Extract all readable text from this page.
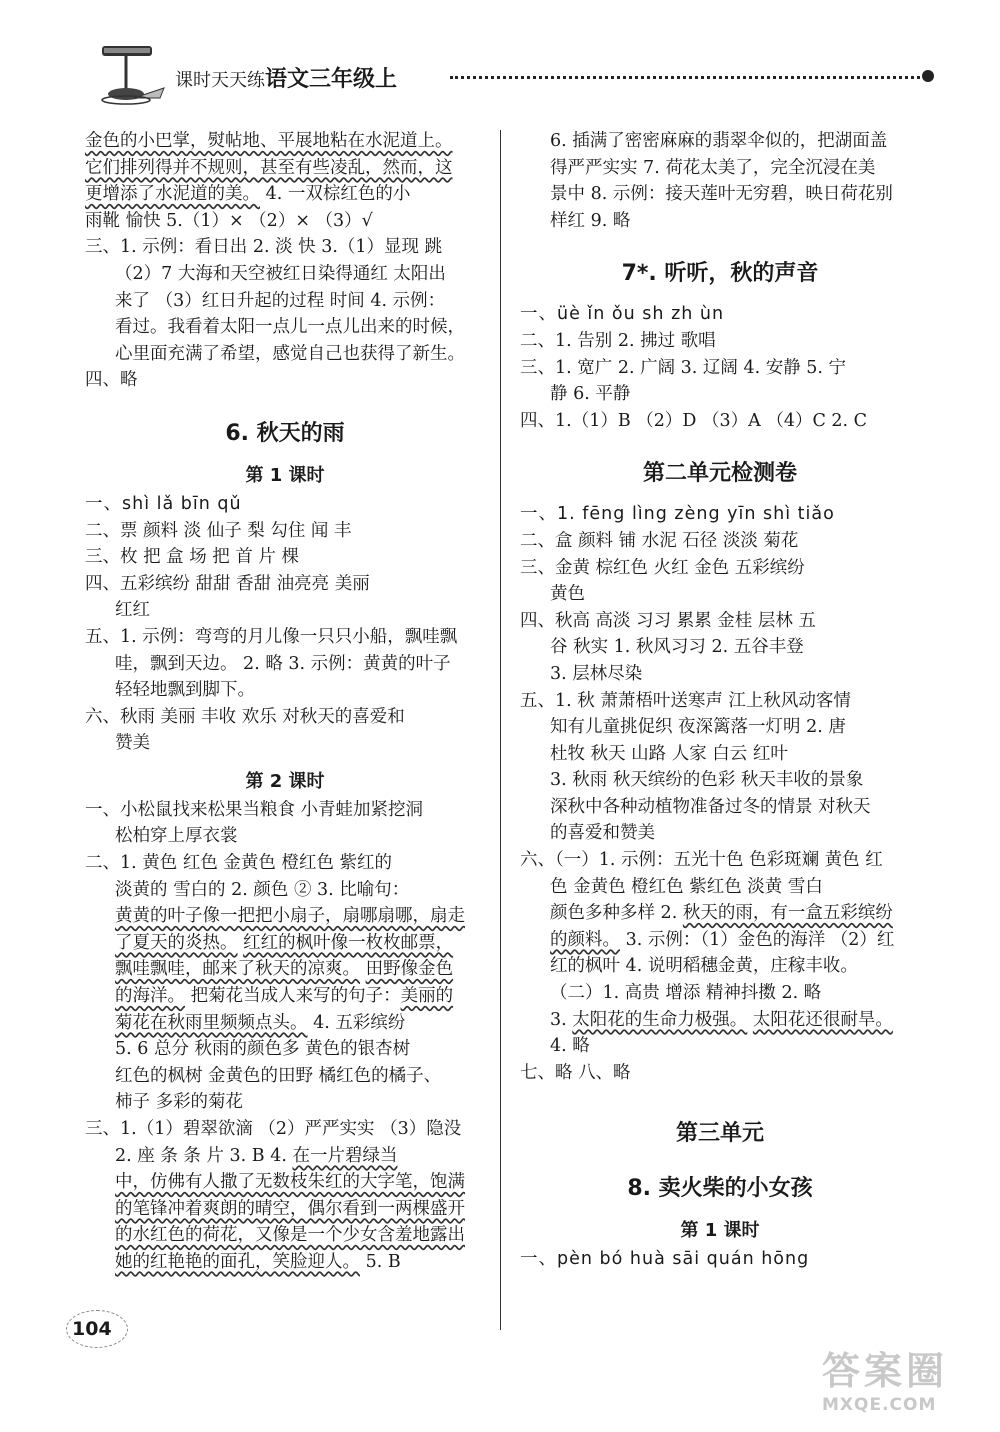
课时天天练语文三年级上
金色的小巴掌，熨帖地、平展地粘在水泥道上。
它们排列得并不规则，甚至有些凌乱，然而，这
更增添了水泥道的美。 4. 一双棕红色的小
雨靴 愉快 5.（1）× （2）× （3）√
三、1. 示例：看日出 2. 淡 快 3.（1）显现 跳
（2）7 大海和天空被红日染得通红 太阳出
来了 （3）红日升起的过程 时间 4. 示例：
看过。我看着太阳一点儿一点儿出来的时候，
心里面充满了希望，感觉自己也获得了新生。
四、略
6. 秋天的雨
第 1 课时
一、shì lǎ bīn qǔ
二、票 颜料 淡 仙子 梨 勾住 闻 丰
三、枚 把 盒 场 把 首 片 棵
四、五彩缤纷 甜甜 香甜 油亮亮 美丽
红红
五、1. 示例：弯弯的月儿像一只只小船，飘哇飘
哇，飘到天边。 2. 略 3. 示例：黄黄的叶子
轻轻地飘到脚下。
六、秋雨 美丽 丰收 欢乐 对秋天的喜爱和
赞美
第 2 课时
一、小松鼠找来松果当粮食 小青蛙加紧挖洞
松柏穿上厚衣裳
二、1. 黄色 红色 金黄色 橙红色 紫红的
淡黄的 雪白的 2. 颜色 ② 3. 比喻句：
黄黄的叶子像一把把小扇子，扇哪扇哪，扇走
了夏天的炎热。 红红的枫叶像一枚枚邮票，
飘哇飘哇，邮来了秋天的凉爽。 田野像金色
的海洋。 把菊花当成人来写的句子：美丽的
菊花在秋雨里频频点头。 4. 五彩缤纷
5. 6 总分 秋雨的颜色多 黄色的银杏树
红色的枫树 金黄色的田野 橘红色的橘子、
柿子 多彩的菊花
三、1.（1）碧翠欲滴 （2）严严实实 （3）隐没
2. 座 条 条 片 3. B 4. 在一片碧绿当
中，仿佛有人撒了无数枝朱红的大字笔，饱满
的笔锋冲着爽朗的晴空，偶尔看到一两棵盛开
的水红色的荷花，又像是一个少女含羞地露出
她的红艳艳的面孔，笑脸迎人。 5. B
6. 插满了密密麻麻的翡翠伞似的，把湖面盖
得严严实实 7. 荷花太美了，完全沉浸在美
景中 8. 示例：接天莲叶无穷碧，映日荷花别
样红 9. 略
7*. 听听，秋的声音
一、üè ǐn ǒu sh zh ùn
二、1. 告别 2. 拂过 歌唱
三、1. 宽广 2. 广阔 3. 辽阔 4. 安静 5. 宁
静 6. 平静
四、1.（1）B （2）D （3）A （4）C 2. C
第二单元检测卷
一、1. fēng lìng zèng yīn shì tiǎo
二、盒 颜料 铺 水泥 石径 淡淡 菊花
三、金黄 棕红色 火红 金色 五彩缤纷
黄色
四、秋高 高淡 习习 累累 金桂 层林 五
谷 秋实 1. 秋风习习 2. 五谷丰登
3. 层林尽染
五、1. 秋 萧萧梧叶送寒声 江上秋风动客情
知有儿童挑促织 夜深篱落一灯明 2. 唐
杜牧 秋天 山路 人家 白云 红叶
3. 秋雨 秋天缤纷的色彩 秋天丰收的景象
深秋中各种动植物准备过冬的情景 对秋天
的喜爱和赞美
六、（一）1. 示例：五光十色 色彩斑斓 黄色 红
色 金黄色 橙红色 紫红色 淡黄 雪白
颜色多种多样 2. 秋天的雨，有一盒五彩缤纷
的颜料。 3. 示例：（1）金色的海洋 （2）红
红的枫叶 4. 说明稻穗金黄，庄稼丰收。
（二）1. 高贵 增添 精神抖擞 2. 略
3. 太阳花的生命力极强。 太阳花还很耐旱。
4. 略
七、略 八、略
第三单元
8. 卖火柴的小女孩
第 1 课时
一、pèn bó huà sāi quán hōng
104
答案圈
MXQE.COM
